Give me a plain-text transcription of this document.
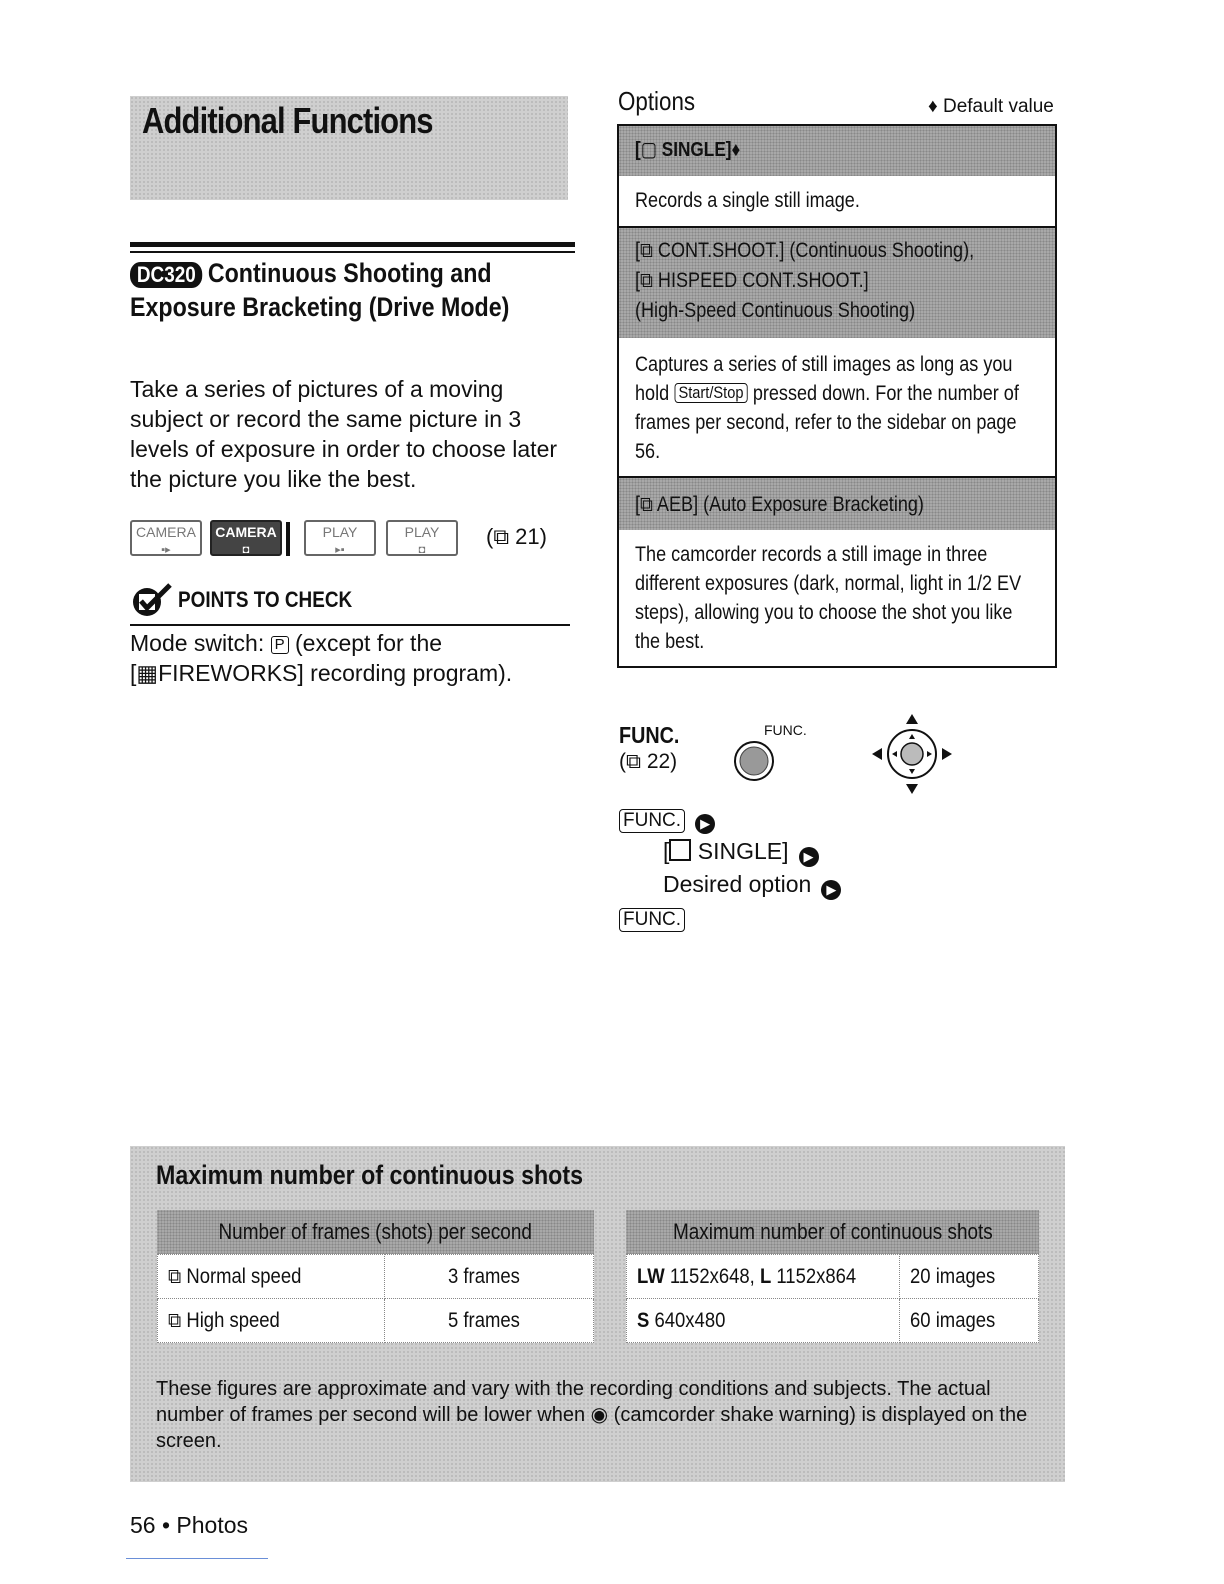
Additional Functions
DC320 Continuous Shooting and Exposure Bracketing (Drive Mode)
Take a series of pictures of a moving subject or record the same picture in 3 levels of exposure in order to choose later the picture you like the best.
CAMERA
▪▸
CAMERA
◘
PLAY
▸▪
PLAY
◘
(⧉ 21)
POINTS TO CHECK
Mode switch: P (except for the [▦FIREWORKS] recording program).
Options	♦ Default value
[▢ SINGLE]♦
Records a single still image.
[⧉ CONT.SHOOT.] (Continuous Shooting),
[⧉ HISPEED CONT.SHOOT.]
(High-Speed Continuous Shooting)
Captures a series of still images as long as you hold Start/Stop pressed down. For the number of frames per second, refer to the sidebar on page 56.
[⧉ AEB] (Auto Exposure Bracketing)
The camcorder records a still image in three different exposures (dark, normal, light in 1/2 EV steps), allowing you to choose the shot you like the best.
FUNC.
(⧉ 22)
FUNC.
FUNC. ▶
[ SINGLE] ▶
Desired option ▶
FUNC.
Maximum number of continuous shots
Number of frames (shots) per second
⧉ Normal speed	3 frames
⧉ High speed	5 frames
Maximum number of continuous shots
LW 1152x648, L 1152x864	20 images
S 640x480	60 images
These figures are approximate and vary with the recording conditions and subjects. The actual number of frames per second will be lower when ◉ (camcorder shake warning) is displayed on the screen.
56 • Photos
